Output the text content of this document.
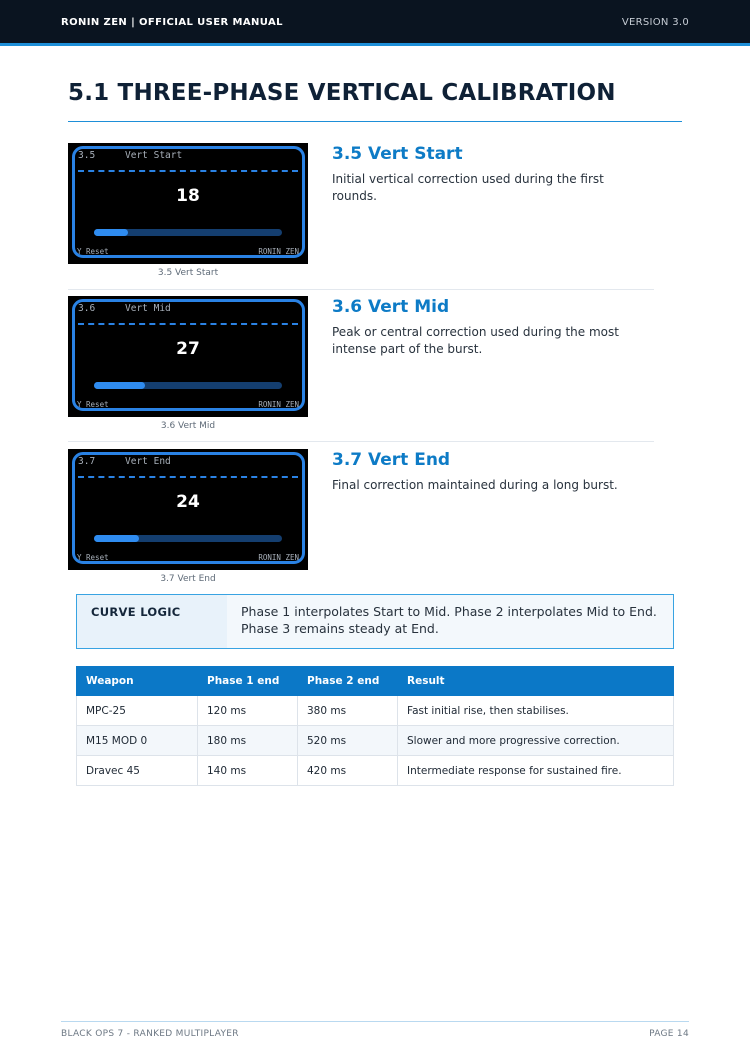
RONIN ZEN | OFFICIAL USER MANUAL	VERSION 3.0
5.1 THREE-PHASE VERTICAL CALIBRATION
3.5	Vert Start
18
Y Reset	RONIN ZEN
3.5 Vert Start
3.5 Vert Start

Initial vertical correction used during the first rounds.

3.6	Vert Mid
27
Y Reset	RONIN ZEN
3.6 Vert Mid
3.6 Vert Mid

Peak or central correction used during the most intense part of the burst.

3.7	Vert End
24
Y Reset	RONIN ZEN
3.7 Vert End
3.7 Vert End

Final correction maintained during a long burst.

CURVE LOGIC	Phase 1 interpolates Start to Mid. Phase 2 interpolates Mid to End. Phase 3 remains steady at End.
Weapon	Phase 1 end	Phase 2 end	Result
MPC-25	120 ms	380 ms	Fast initial rise, then stabilises.
M15 MOD 0	180 ms	520 ms	Slower and more progressive correction.
Dravec 45	140 ms	420 ms	Intermediate response for sustained fire.
BLACK OPS 7 - RANKED MULTIPLAYER	PAGE 14
